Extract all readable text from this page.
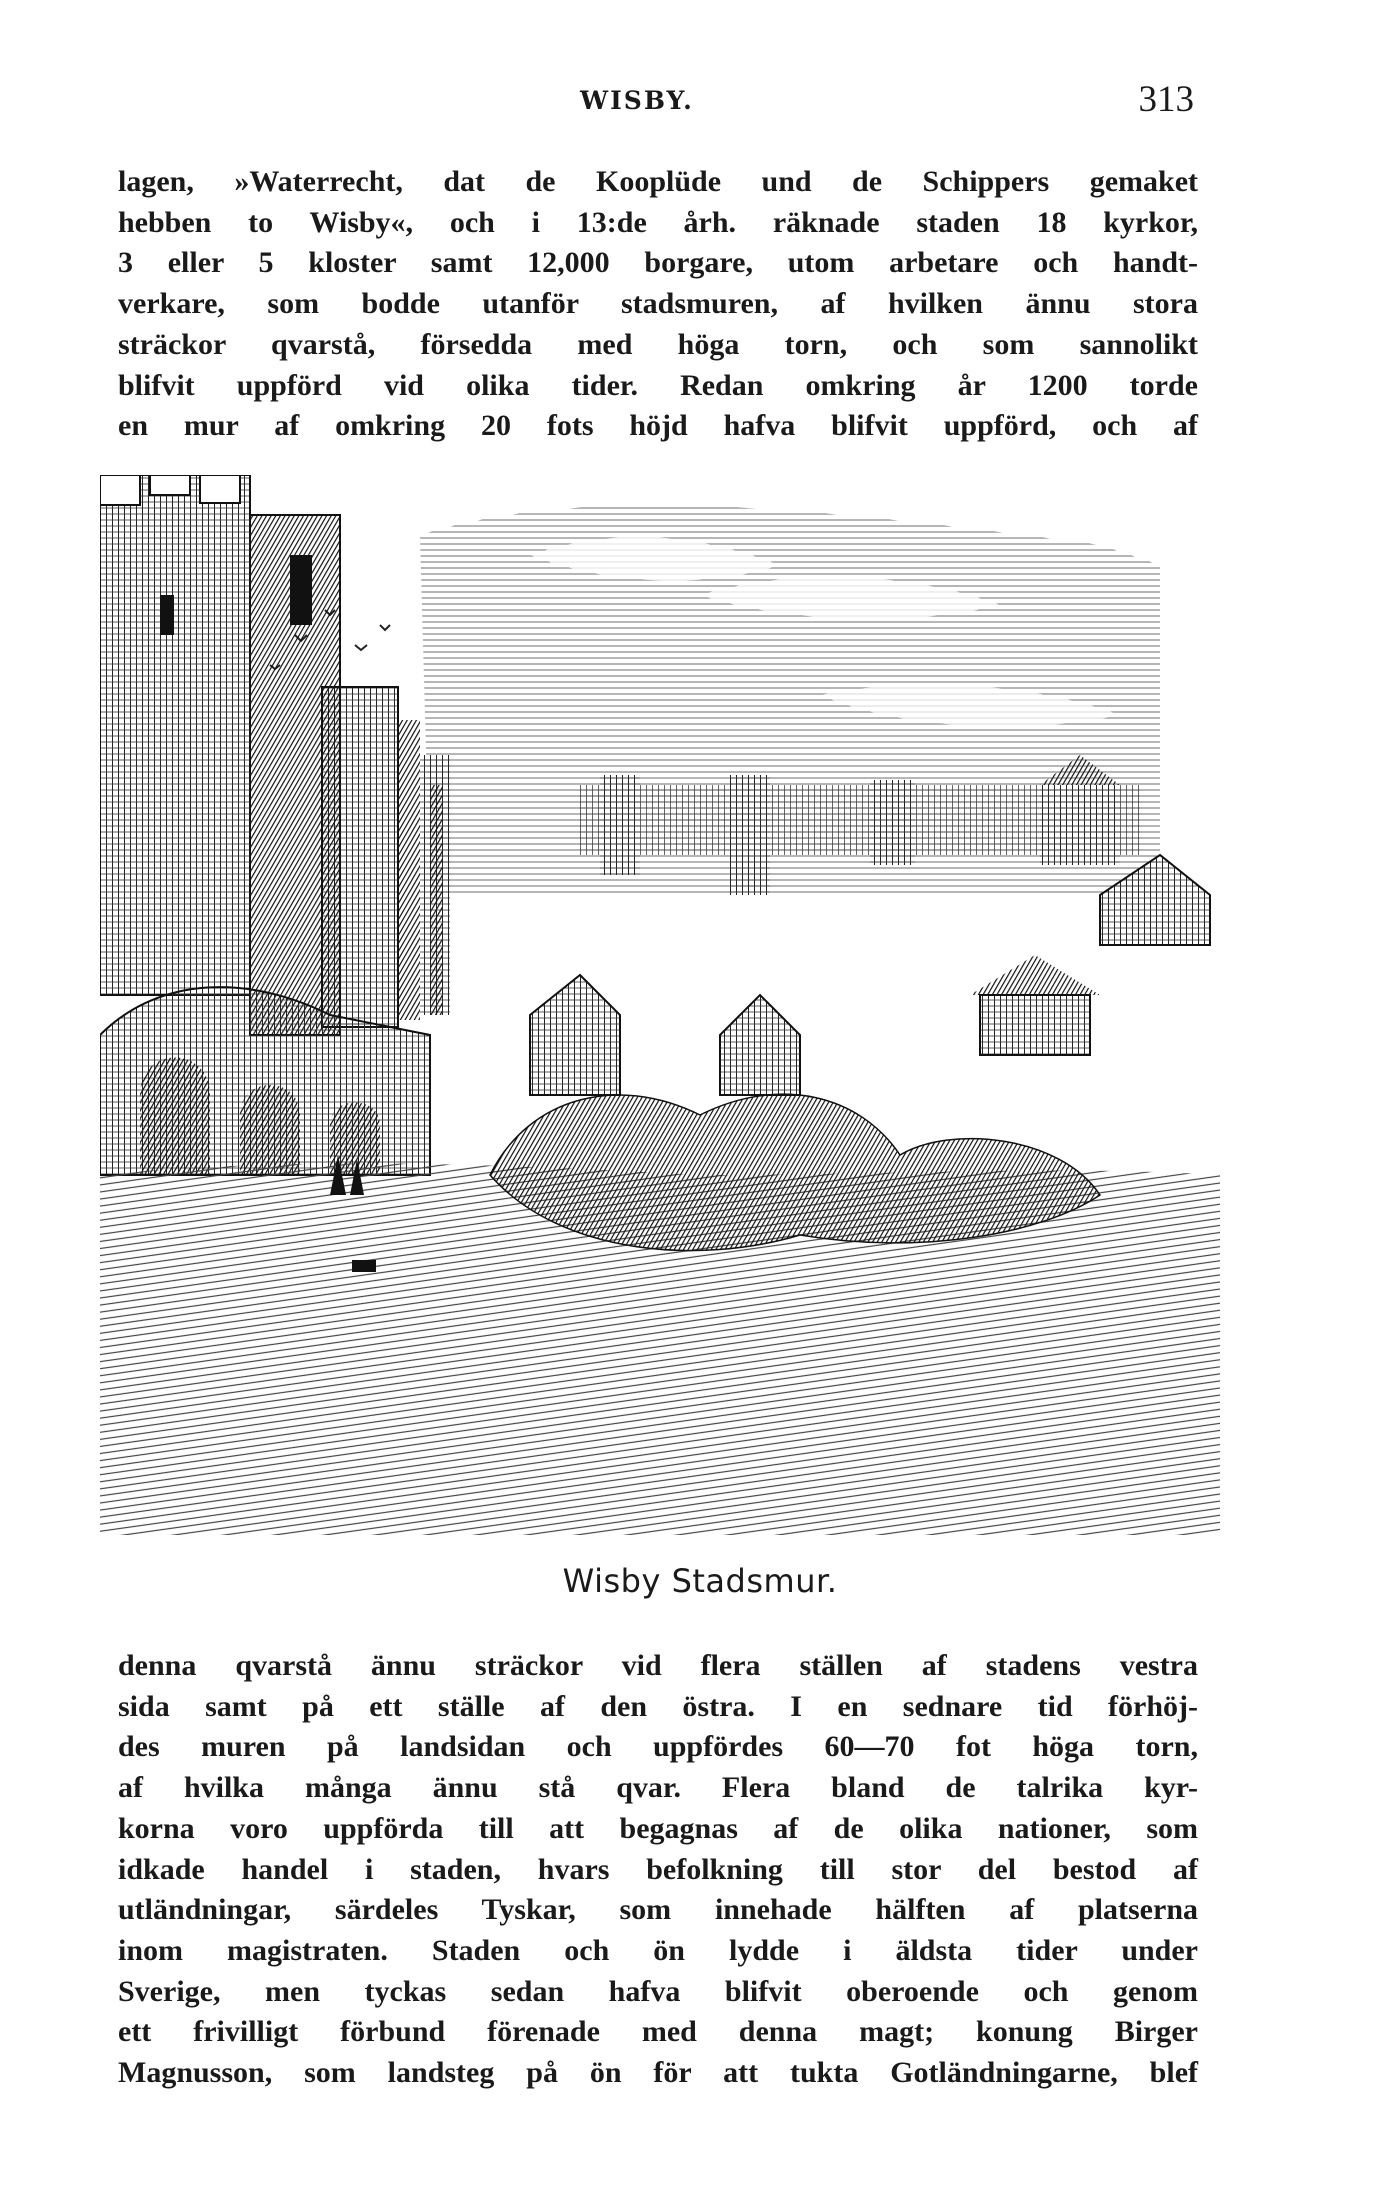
WISBY.	313
lagen, »Waterrecht, dat de Kooplüde und de Schippers gemaket
hebben to Wisby«, och i 13:de årh. räknade staden 18 kyrkor,
3 eller 5 kloster samt 12,000 borgare, utom arbetare och handt-
verkare, som bodde utanför stadsmuren, af hvilken ännu stora
sträckor qvarstå, försedda med höga torn, och som sannolikt
blifvit uppförd vid olika tider. Redan omkring år 1200 torde
en mur af omkring 20 fots höjd hafva blifvit uppförd, och af
Wisby Stadsmur.
denna qvarstå ännu sträckor vid flera ställen af stadens vestra
sida samt på ett ställe af den östra. I en sednare tid förhöj-
des muren på landsidan och uppfördes 60—70 fot höga torn,
af hvilka många ännu stå qvar. Flera bland de talrika kyr-
korna voro uppförda till att begagnas af de olika nationer, som
idkade handel i staden, hvars befolkning till stor del bestod af
utländningar, särdeles Tyskar, som innehade hälften af platserna
inom magistraten. Staden och ön lydde i äldsta tider under
Sverige, men tyckas sedan hafva blifvit oberoende och genom
ett frivilligt förbund förenade med denna magt; konung Birger
Magnusson, som landsteg på ön för att tukta Gotländningarne, blef
